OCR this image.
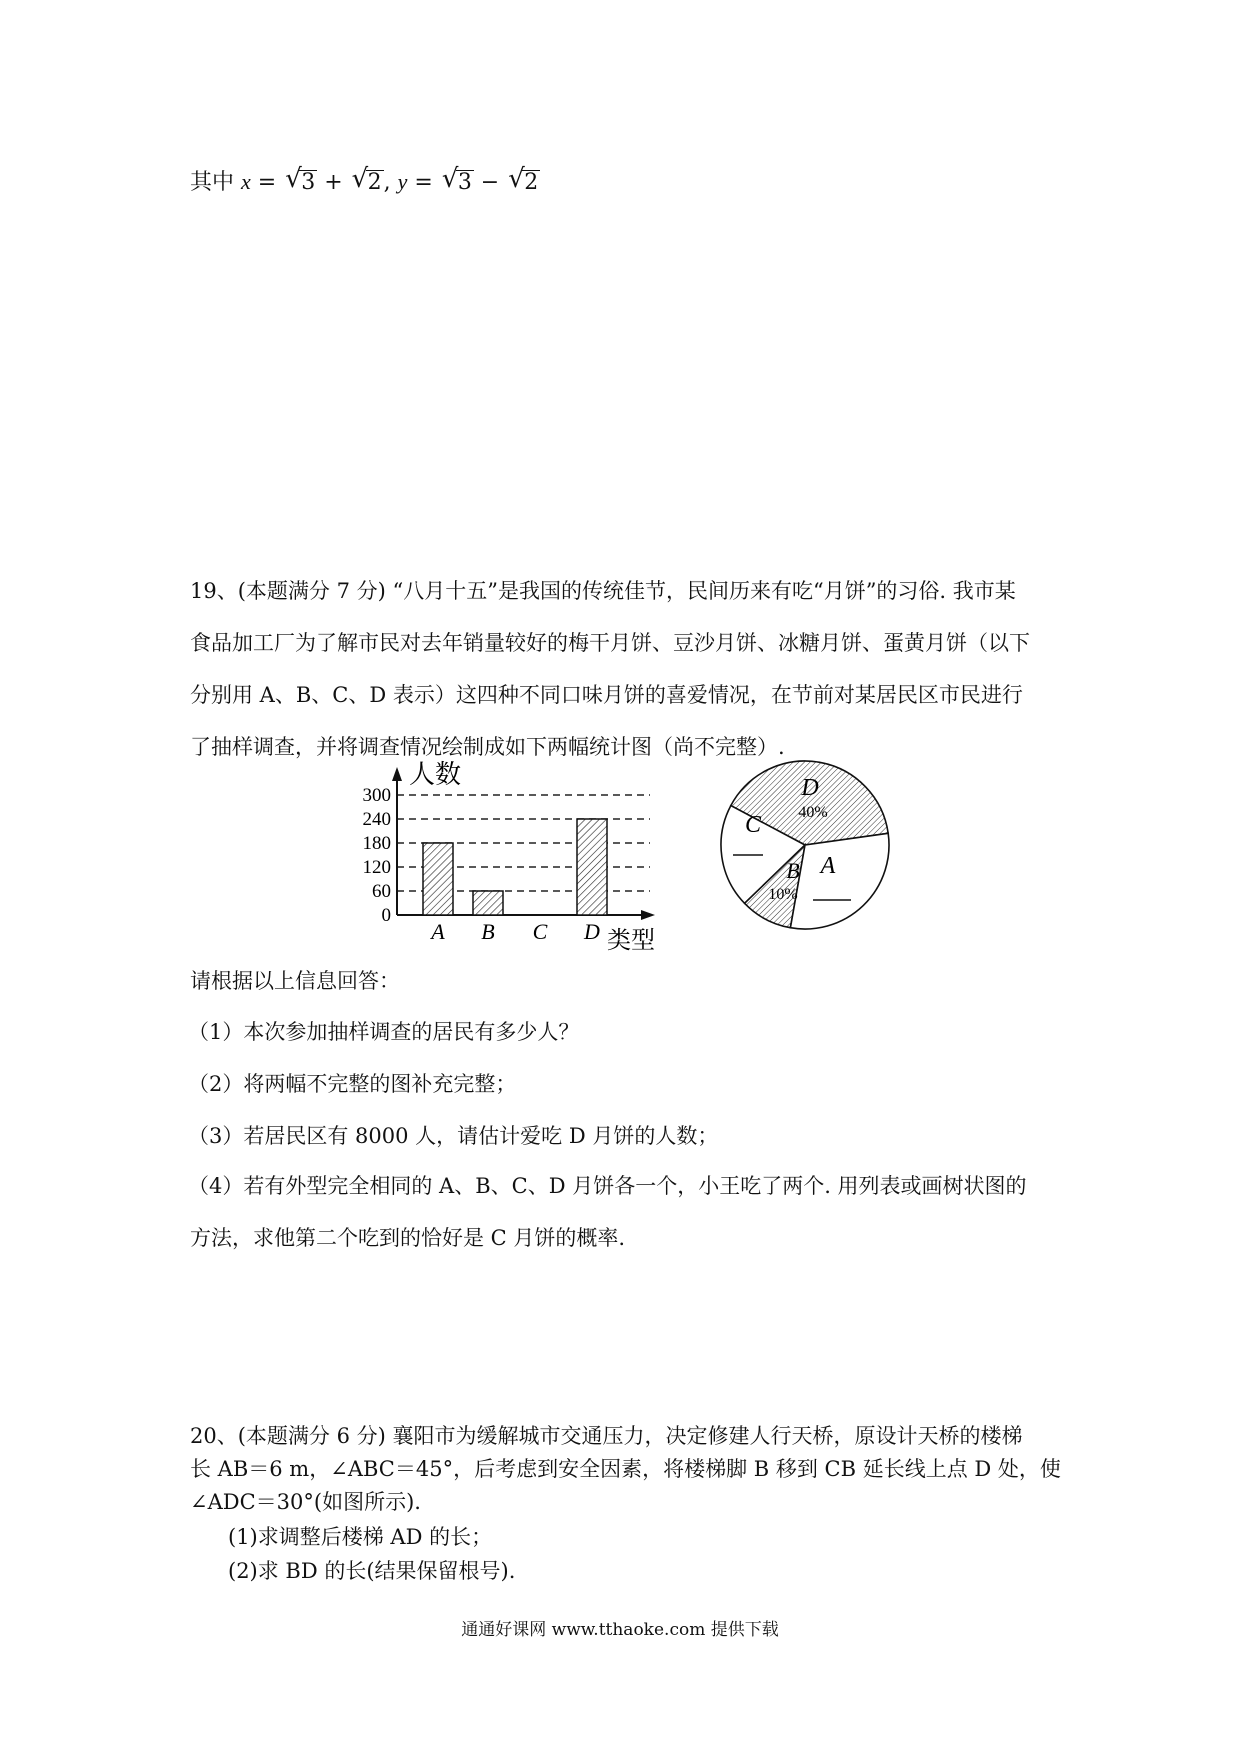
其中 x = √ 3 + √ 2, y = √ 3 − √ 2
19、(本题满分 7 分) “八月十五”是我国的传统佳节，民间历来有吃“月饼”的习俗. 我市某
食品加工厂为了解市民对去年销量较好的梅干月饼、豆沙月饼、冰糖月饼、蛋黄月饼（以下
分别用 A、B、C、D 表示）这四种不同口味月饼的喜爱情况，在节前对某居民区市民进行
了抽样调查，并将调查情况绘制成如下两幅统计图（尚不完整）.
0
60
120
180
240
300
人数
类型
A B C D
D
40%
C
A
B
10%
请根据以上信息回答：
（1）本次参加抽样调查的居民有多少人？
（2）将两幅不完整的图补充完整；
（3）若居民区有 8000 人，请估计爱吃 D 月饼的人数；
（4）若有外型完全相同的 A、B、C、D 月饼各一个，小王吃了两个. 用列表或画树状图的
方法，求他第二个吃到的恰好是 C 月饼的概率.
20、(本题满分 6 分) 襄阳市为缓解城市交通压力，决定修建人行天桥，原设计天桥的楼梯
长 AB＝6 m，∠ABC＝45°，后考虑到安全因素，将楼梯脚 B 移到 CB 延长线上点 D 处，使
∠ADC＝30°(如图所示).
(1)求调整后楼梯 AD 的长；
(2)求 BD 的长(结果保留根号).
通通好课网 www.tthaoke.com 提供下载
